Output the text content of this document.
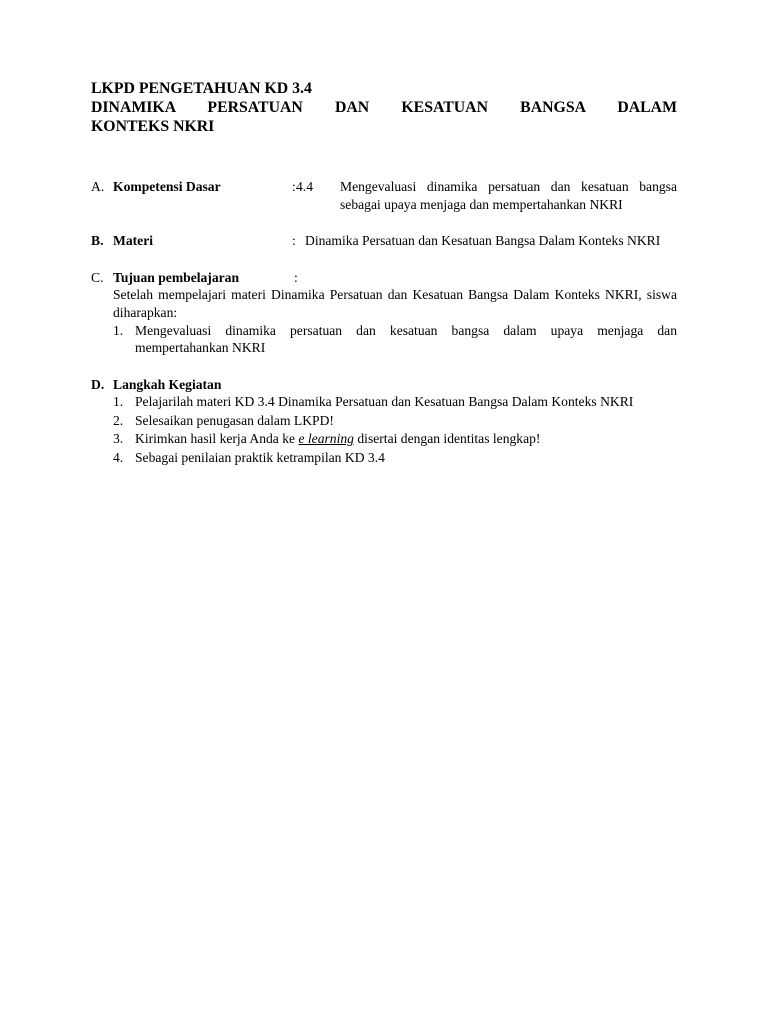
LKPD PENGETAHUAN KD 3.4
DINAMIKA PERSATUAN DAN KESATUAN BANGSA DALAM
KONTEKS NKRI
A. Kompetensi Dasar	: 4.4 Mengevaluasi dinamika persatuan dan kesatuan bangsa sebagai upaya menjaga dan mempertahankan NKRI
B. Materi	: Dinamika Persatuan dan Kesatuan Bangsa Dalam Konteks NKRI
C. Tujuan pembelajaran	:
Setelah mempelajari materi Dinamika Persatuan dan Kesatuan Bangsa Dalam Konteks NKRI, siswa diharapkan:
1. Mengevaluasi dinamika persatuan dan kesatuan bangsa dalam upaya menjaga dan mempertahankan NKRI
D. Langkah Kegiatan
1. Pelajarilah materi KD 3.4 Dinamika Persatuan dan Kesatuan Bangsa Dalam Konteks NKRI
2. Selesaikan penugasan dalam LKPD!
3. Kirimkan hasil kerja Anda ke e learning disertai dengan identitas lengkap!
4. Sebagai penilaian praktik ketrampilan KD 3.4
